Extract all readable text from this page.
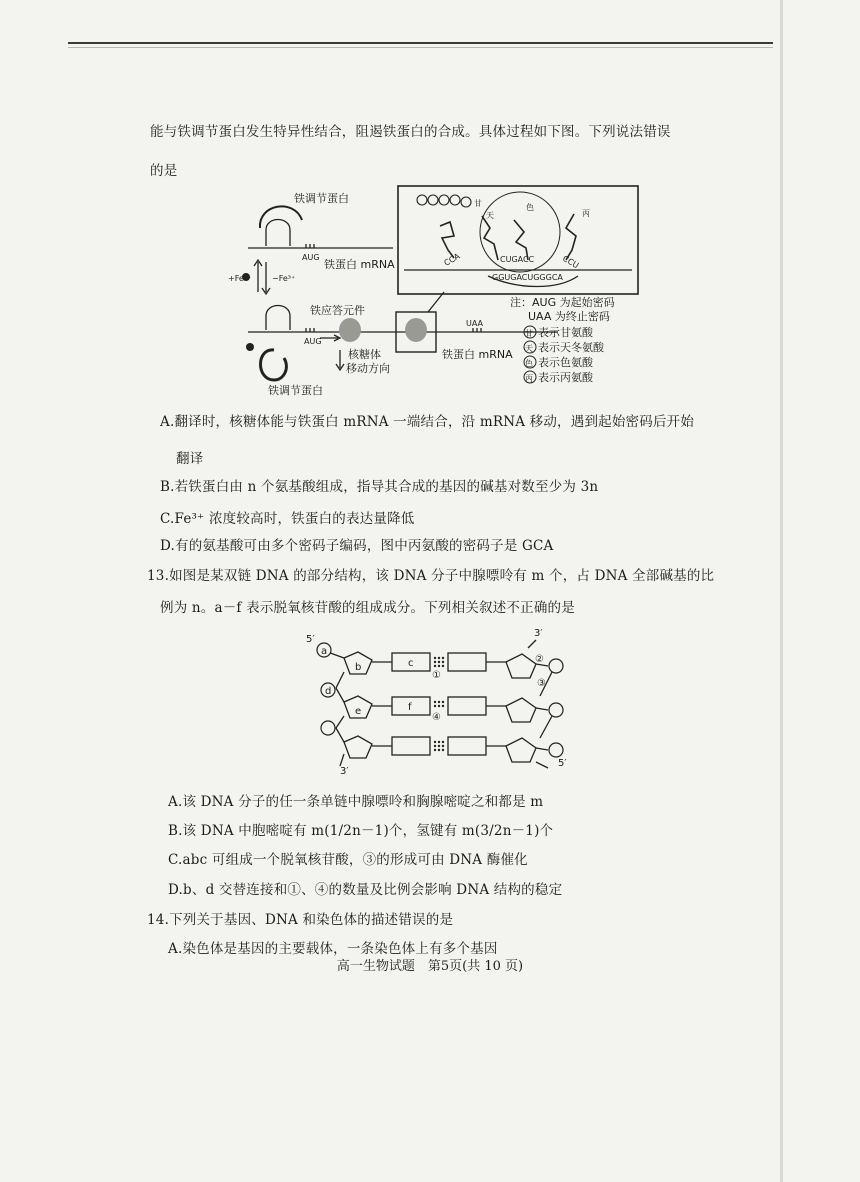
能与铁调节蛋白发生特异性结合，阻遏铁蛋白的合成。具体过程如下图。下列说法错误
的是
甘
天
色
丙
CCA	CUGACC	CCU
GGUGACUGGGCA
AUG
AUG
UAA
+Fe³⁺	−Fe³⁺
铁调节蛋白
铁蛋白 mRNA
铁应答元件
核糖体
移动方向
铁蛋白 mRNA
铁调节蛋白
注：AUG 为起始密码
UAA 为终止密码
甘 表示甘氨酸
天 表示天冬氨酸
色 表示色氨酸
丙 表示丙氨酸
A.翻译时，核糖体能与铁蛋白 mRNA 一端结合，沿 mRNA 移动，遇到起始密码后开始
翻译
B.若铁蛋白由 n 个氨基酸组成，指导其合成的基因的碱基对数至少为 3n
C.Fe³⁺ 浓度较高时，铁蛋白的表达量降低
D.有的氨基酸可由多个密码子编码，图中丙氨酸的密码子是 GCA
13.如图是某双链 DNA 的部分结构，该 DNA 分子中腺嘌呤有 m 个，占 DNA 全部碱基的比
例为 n。a－f 表示脱氧核苷酸的组成成分。下列相关叙述不正确的是
5′
3′
3′
5′
a
d
b
e
c
f
①
②
③
④
A.该 DNA 分子的任一条单链中腺嘌呤和胸腺嘧啶之和都是 m
B.该 DNA 中胞嘧啶有 m(1/2n－1)个，氢键有 m(3/2n－1)个
C.abc 可组成一个脱氧核苷酸，③的形成可由 DNA 酶催化
D.b、d 交替连接和①、④的数量及比例会影响 DNA 结构的稳定
14.下列关于基因、DNA 和染色体的描述错误的是
A.染色体是基因的主要载体，一条染色体上有多个基因
高一生物试题　第5页(共 10 页)
